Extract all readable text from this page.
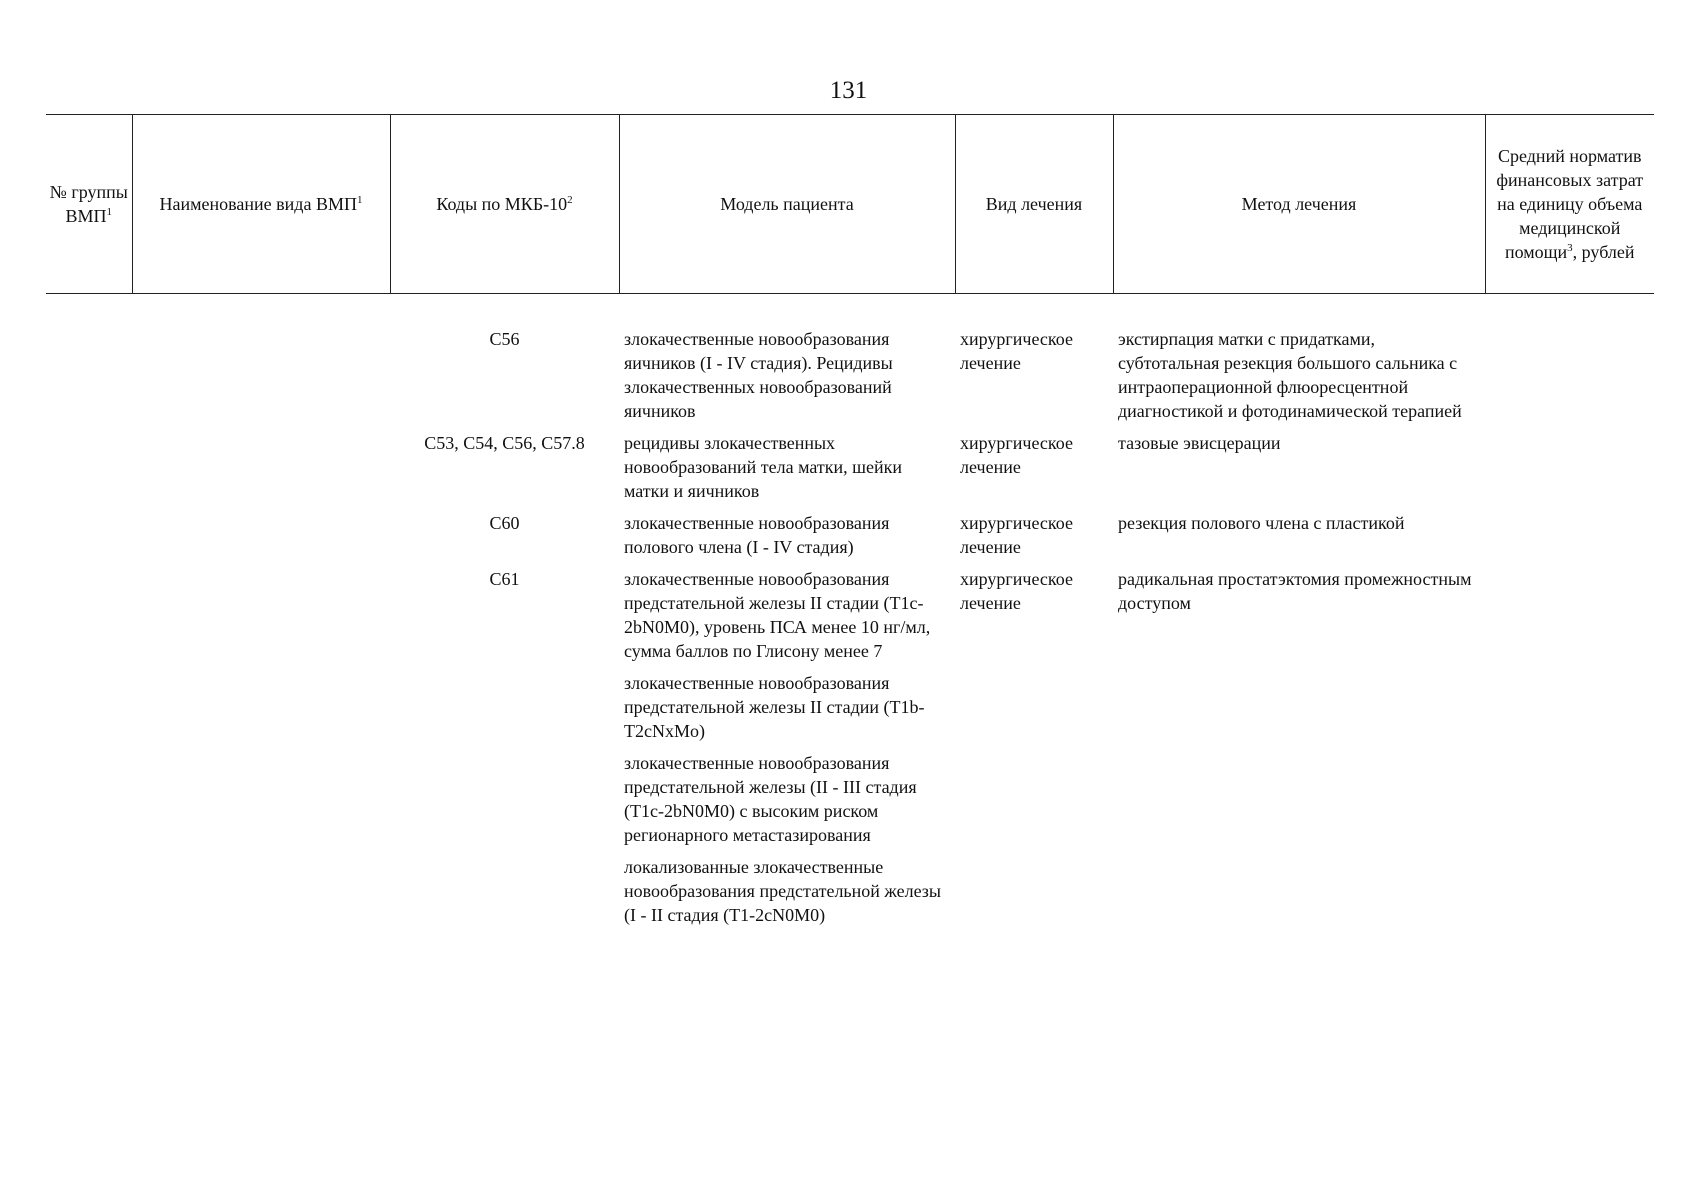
131
№ группы ВМП$^1$	Наименование вида ВМП$^1$	Коды по МКБ-$10^2$	Модель пациента	Вид лечения	Метод лечения	Средний норматив финансовых затрат на единицу объема медицинской помощи$^3$, рублей
		C56	злокачественные новообразования яичников (I - IV стадия). Рецидивы злокачественных новообразований яичников	хирургическое лечение	экстирпация матки с придатками, субтотальная резекция большого сальника с интраоперационной флюоресцентной диагностикой и фотодинамической терапией	
		C53, C54, C56, C57.8	рецидивы злокачественных новообразований тела матки, шейки матки и яичников	хирургическое лечение	тазовые эвисцерации	
		C60	злокачественные новообразования полового члена (I - IV стадия)	хирургическое лечение	резекция полового члена с пластикой	
		C61	злокачественные новообразования предстательной железы II стадии (T1c-2bN0M0), уровень ПСА менее 10 нг/мл, сумма баллов по Глисону менее 7	хирургическое лечение	радикальная простатэктомия промежностным доступом	
			злокачественные новообразования предстательной железы II стадии (T1b-T2cNxMo)			
			злокачественные новообразования предстательной железы (II - III стадия (T1c-2bN0M0) с высоким риском регионарного метастазирования			
			локализованные злокачественные новообразования предстательной железы (I - II стадия (T1-2cN0M0)			
